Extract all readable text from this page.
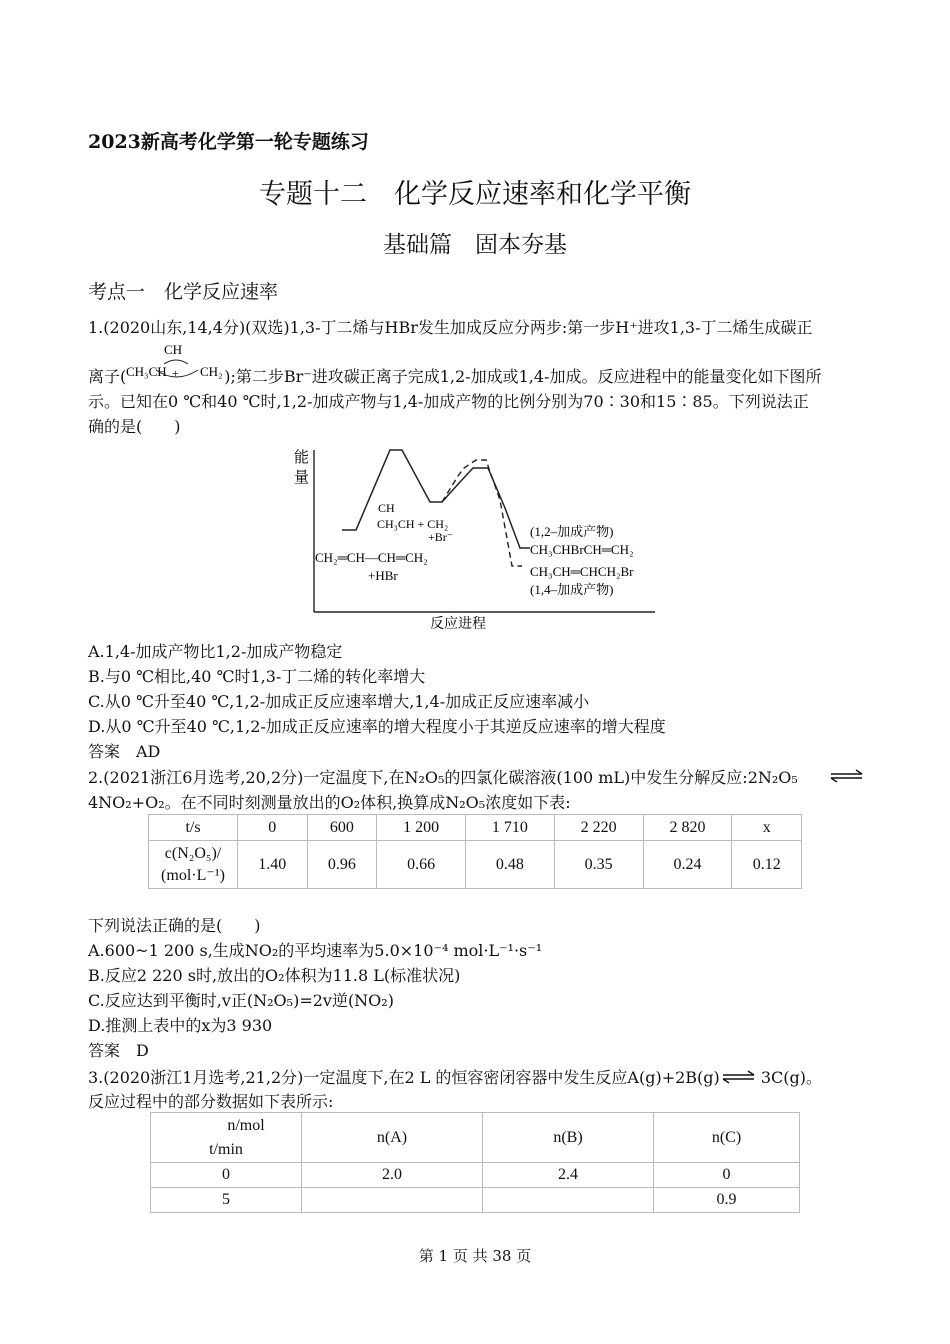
2023新高考化学第一轮专题练习
专题十二　化学反应速率和化学平衡
基础篇　固本夯基
考点一　化学反应速率
1.(2020山东,14,4分)(双选)1,3-丁二烯与HBr发生加成反应分两步:第一步H⁺进攻1,3-丁二烯生成碳正
离子(
CH
CH₃CH	CH₂
+	);第二步Br⁻进攻碳正离子完成1,2-加成或1,4-加成。反应进程中的能量变化如下图所
示。已知在0 ℃和40 ℃时,1,2-加成产物与1,4-加成产物的比例分别为70∶30和15∶85。下列说法正
确的是(　　)
能
量
CH
CH₃CH + CH₂
+Br⁻
CH₂═CH—CH═CH₂
+HBr
(1,2–加成产物)
CH₃CHBrCH═CH₂
CH₃CH═CHCH₂Br
(1,4–加成产物)
反应进程
A.1,4-加成产物比1,2-加成产物稳定
B.与0 ℃相比,40 ℃时1,3-丁二烯的转化率增大
C.从0 ℃升至40 ℃,1,2-加成正反应速率增大,1,4-加成正反应速率减小
D.从0 ℃升至40 ℃,1,2-加成正反应速率的增大程度小于其逆反应速率的增大程度
答案　AD
2.(2021浙江6月选考,20,2分)一定温度下,在N₂O₅的四氯化碳溶液(100 mL)中发生分解反应:2N₂O₅
4NO₂+O₂。在不同时刻测量放出的O₂体积,换算成N₂O₅浓度如下表:
t/s	0	600	1 200	1 710	2 220	2 820	x

c(N₂O₅)/
(mol·L⁻¹)	1.40	0.96	0.66	0.48	0.35	0.24	0.12
下列说法正确的是(　　)
A.600~1 200 s,生成NO₂的平均速率为5.0×10⁻⁴ mol·L⁻¹·s⁻¹
B.反应2 220 s时,放出的O₂体积为11.8 L(标准状况)
C.反应达到平衡时,v正(N₂O₅)=2v逆(NO₂)
D.推测上表中的x为3 930
答案　D
3.(2020浙江1月选考,21,2分)一定温度下,在2 L 的恒容密闭容器中发生反应A(g)+2B(g) ⇌ 3C(g)。
反应过程中的部分数据如下表所示:
n/mol
t/min	n(A)	n(B)	n(C)
0	2.0	2.4	0
5			0.9
第 1 页 共 38 页
